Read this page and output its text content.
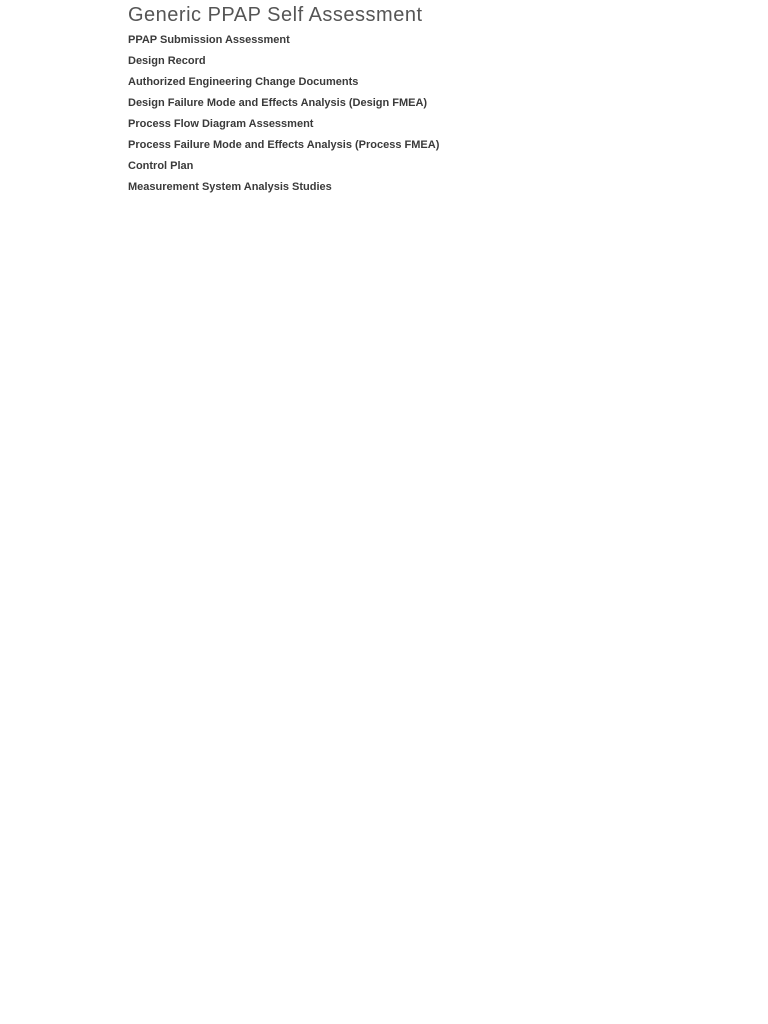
Generic PPAP Self Assessment
PPAP Submission Assessment
Design Record
Authorized Engineering Change Documents
Design Failure Mode and Effects Analysis (Design FMEA)
Process Flow Diagram Assessment
Process Failure Mode and Effects Analysis (Process FMEA)
Control Plan
Measurement System Analysis Studies
